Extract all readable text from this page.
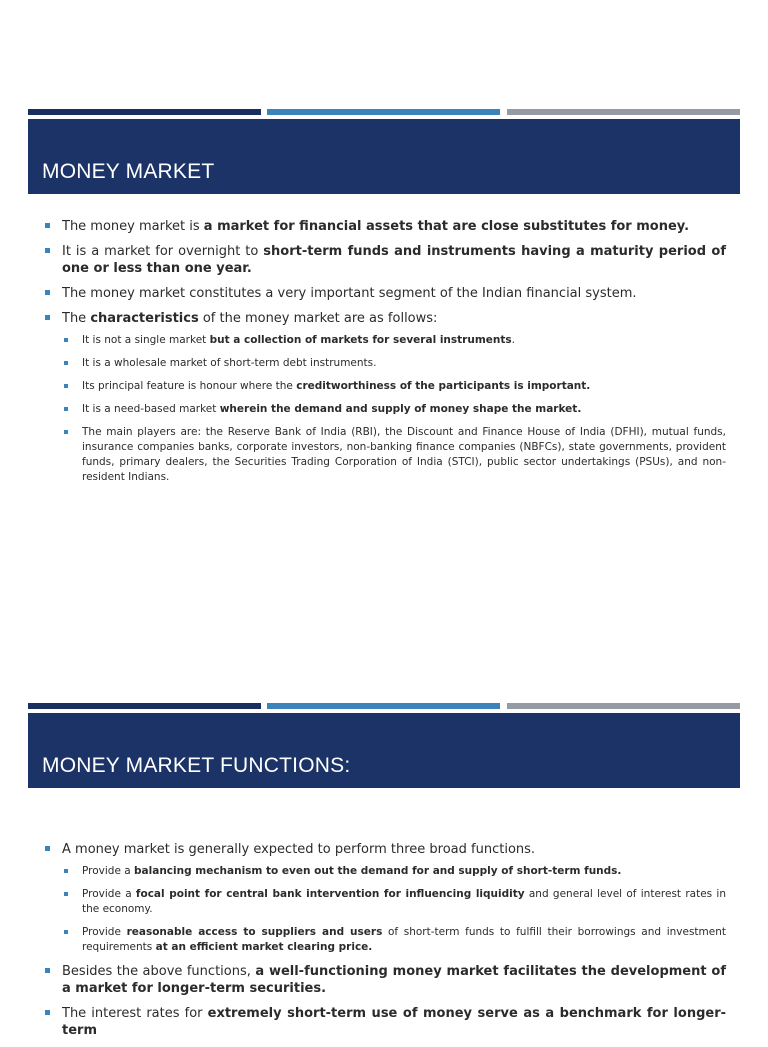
MONEY MARKET
The money market is a market for financial assets that are close substitutes for money.
It is a market for overnight to short-term funds and instruments having a maturity period of one or less than one year.
The money market constitutes a very important segment of the Indian financial system.
The characteristics of the money market are as follows:
It is not a single market but a collection of markets for several instruments.
It is a wholesale market of short-term debt instruments.
Its principal feature is honour where the creditworthiness of the participants is important.
It is a need-based market wherein the demand and supply of money shape the market.
The main players are: the Reserve Bank of India (RBI), the Discount and Finance House of India (DFHI), mutual funds, insurance companies banks, corporate investors, non-banking finance companies (NBFCs), state governments, provident funds, primary dealers, the Securities Trading Corporation of India (STCI), public sector undertakings (PSUs), and non-resident Indians.
MONEY MARKET FUNCTIONS:
A money market is generally expected to perform three broad functions.
Provide a balancing mechanism to even out the demand for and supply of short-term funds.
Provide a focal point for central bank intervention for influencing liquidity and general level of interest rates in the economy.
Provide reasonable access to suppliers and users of short-term funds to fulfill their borrowings and investment requirements at an efficient market clearing price.
Besides the above functions, a well-functioning money market facilitates the development of a market for longer-term securities.
The interest rates for extremely short-term use of money serve as a benchmark for longer-term
